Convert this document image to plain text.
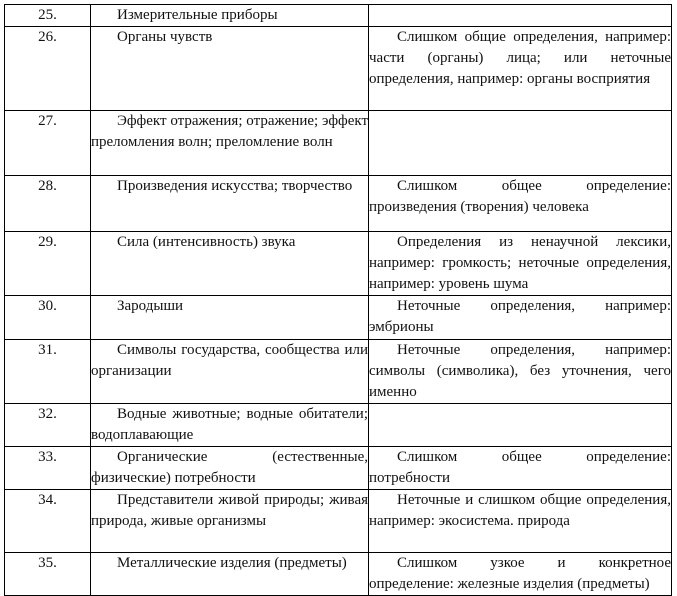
25.	Измерительные приборы	

26.	Органы чувств	Слишком общие определения, например: части (органы) лица; или неточные определения, например: органы восприятия

27.	Эффект отражения; отражение; эффект преломления волн; преломление волн	

28.	Произведения искусства; творчество	Слишком общее определение: произведения (творения) человека

29.	Сила (интенсивность) звука	Определения из ненаучной лексики, например: громкость; неточные определения, например: уровень шума

30.	Зародыши	Неточные определения, например: эмбрионы

31.	Символы государства, сообщества или организации	Неточные определения, например: символы (символика), без уточнения, чего именно

32.	Водные животные; водные обитатели; водоплавающие	

33.	Органические (естественные, физические) потребности	Слишком общее определение: потребности

34.	Представители живой природы; живая природа, живые организмы	Неточные и слишком общие определения, например: экосистема. природа

35.	Металлические изделия (предметы)	Слишком узкое и конкретное определение: железные изделия (предметы)
